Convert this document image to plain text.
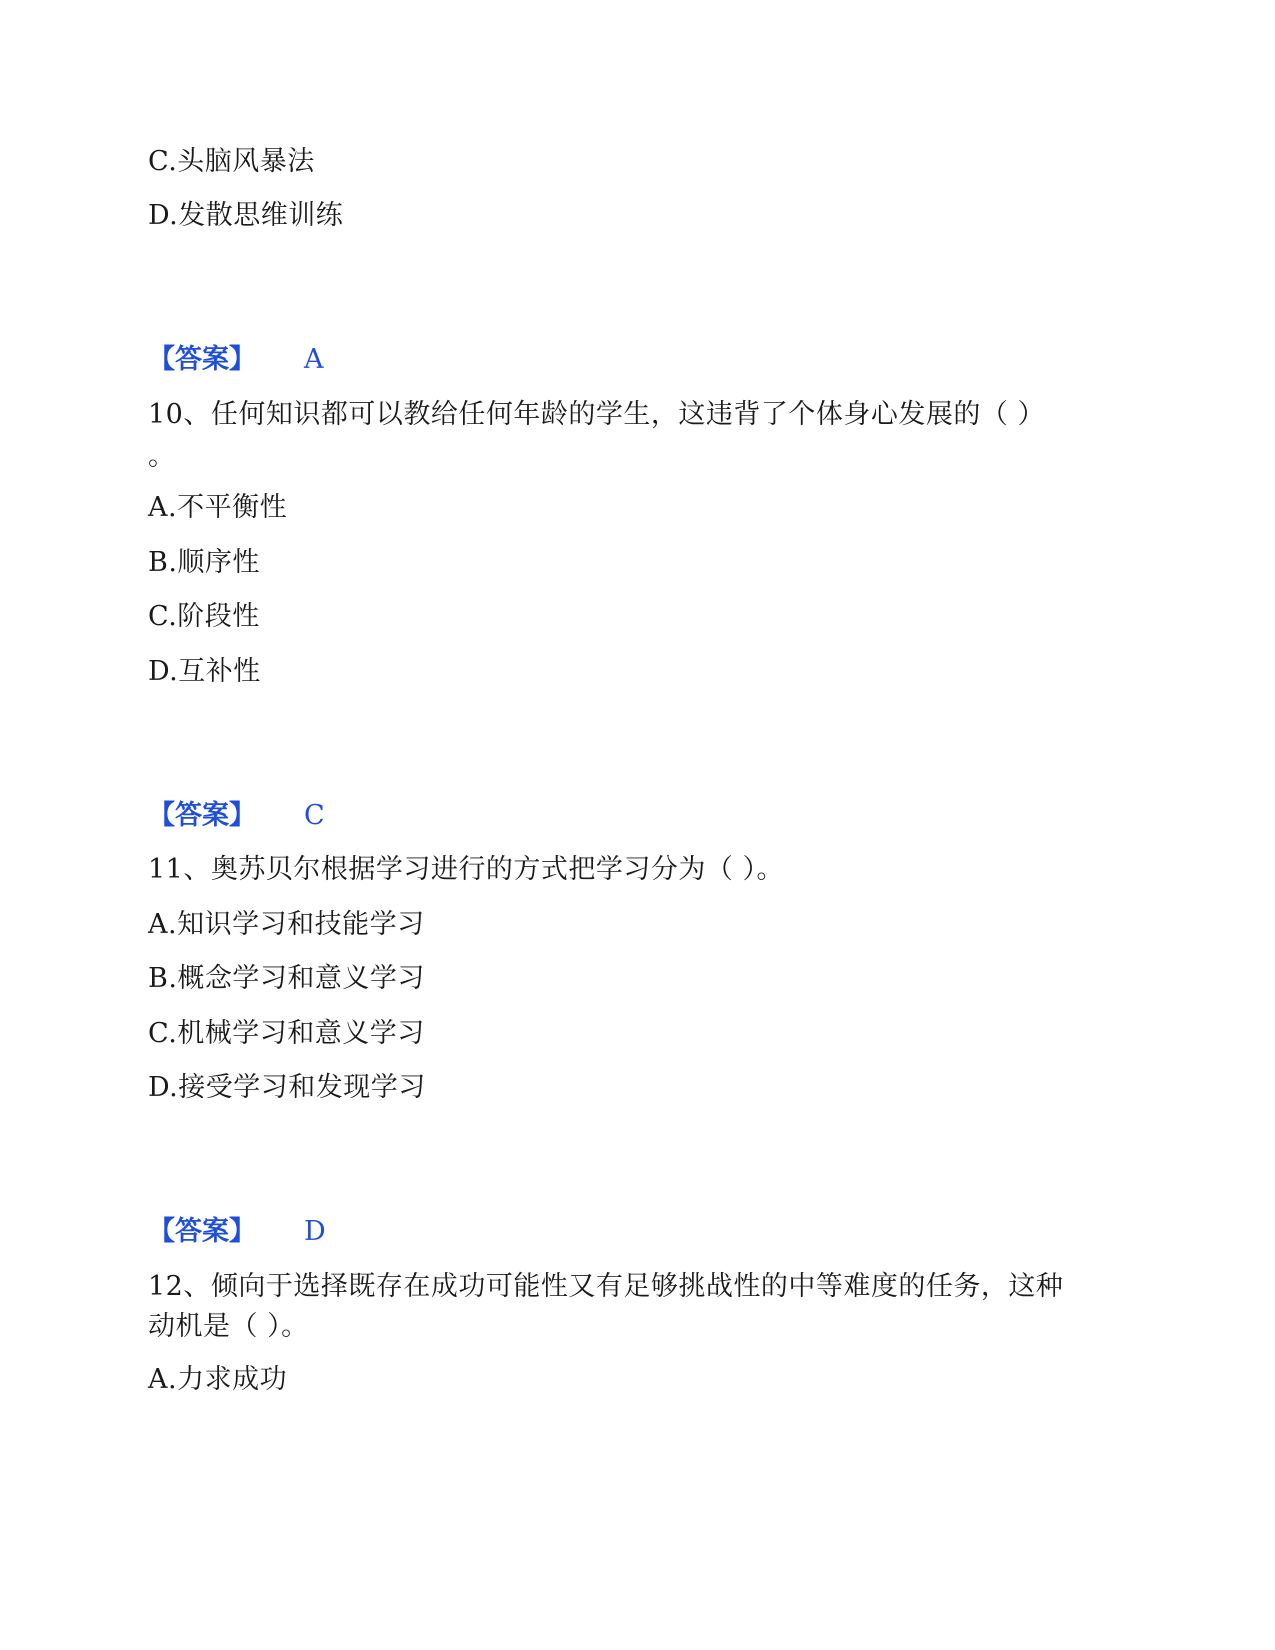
C.头脑风暴法
D.发散思维训练
【答案】 A
10、任何知识都可以教给任何年龄的学生，这违背了个体身心发展的（ ）
。
A.不平衡性
B.顺序性
C.阶段性
D.互补性
【答案】 C
11、奥苏贝尔根据学习进行的方式把学习分为（ ）。
A.知识学习和技能学习
B.概念学习和意义学习
C.机械学习和意义学习
D.接受学习和发现学习
【答案】 D
12、倾向于选择既存在成功可能性又有足够挑战性的中等难度的任务，这种
动机是（ ）。
A.力求成功
